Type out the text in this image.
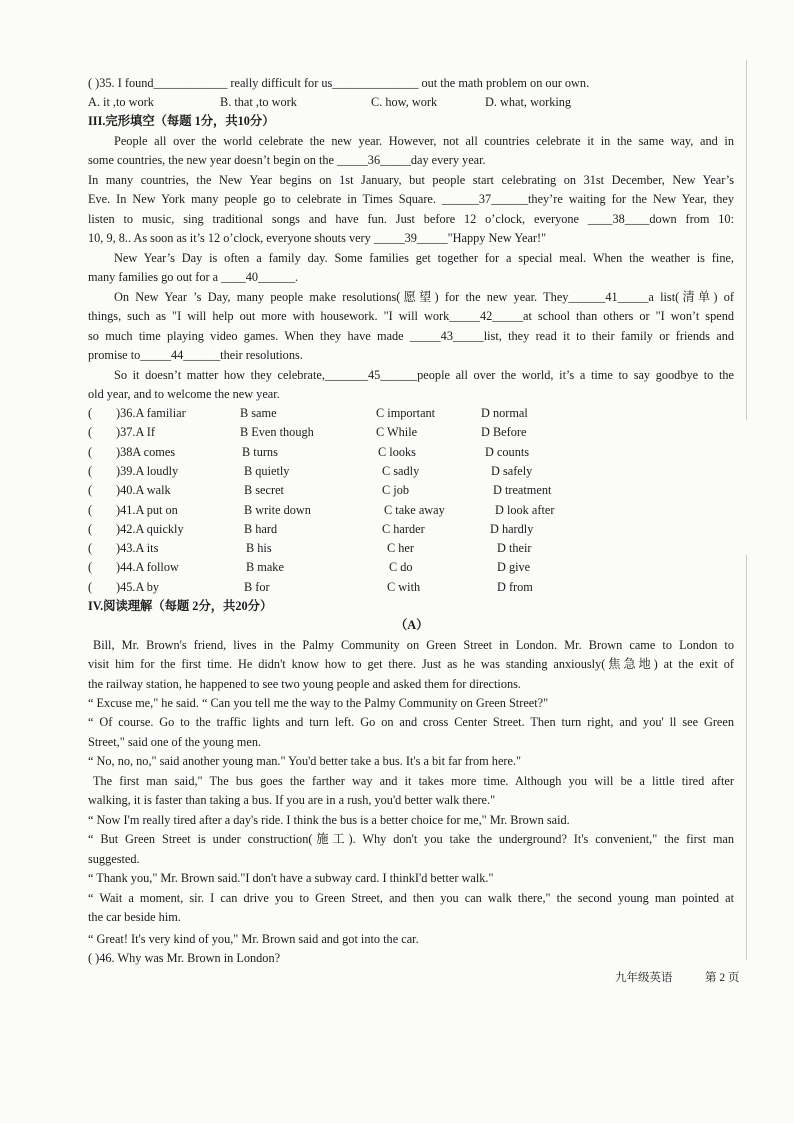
( )35. I found____________ really difficult for us______________ out the math problem on our own.
A. it ,to work	B. that ,to work	C. how, work	D. what, working
III.完形填空（每题 1分，共10分）
People all over the world celebrate the new year. However, not all countries celebrate it in the same way, and in
some countries, the new year doesn’t begin on the _____36_____day every year.
In many countries, the New Year begins on 1st January, but people start celebrating on 31st December, New Year’s
Eve. In New York many people go to celebrate in Times Square. ______37______they’re waiting for the New Year, they
listen to music, sing traditional songs and have fun. Just before 12 o’clock, everyone ____38____down from 10:
10, 9, 8.. As soon as it’s 12 o’clock, everyone shouts very _____39_____"Happy New Year!"
New Year’s Day is often a family day. Some families get together for a special meal. When the weather is fine,
many families go out for a ____40______.
On New Year ’s Day, many people make resolutions(愿望) for the new year. They______41_____a list(清单) of
things, such as "I will help out more with housework. "I will work_____42_____at school than others or "I won’t spend
so much time playing video games. When they have made _____43_____list, they read it to their family or friends and
promise to_____44______their resolutions.
So it doesn’t matter how they celebrate,_______45______people all over the world, it’s a time to say goodbye to the
old year, and to welcome the new year.
( )36.A familiar	B same	C important	D normal
( )37.A If	B Even though	C While	D Before
( )38A comes	B turns	C looks	D counts
( )39.A loudly	B quietly	C sadly	D safely
( )40.A walk	B secret	C job	D treatment
( )41.A put on	B write down	C take away	D look after
( )42.A quickly	B hard	C harder	D hardly
( )43.A its	B his	C her	D their
( )44.A follow	B make	C do	D give
( )45.A by	B for	C with	D from
IV.阅读理解（每题 2分，共20分）
（A）
Bill, Mr. Brown's friend, lives in the Palmy Community on Green Street in London. Mr. Brown came to London to
visit him for the first time. He didn't know how to get there. Just as he was standing anxiously(焦急地) at the exit of
the railway station, he happened to see two young people and asked them for directions.
“ Excuse me," he said. “ Can you tell me the way to the Palmy Community on Green Street?"
“ Of course. Go to the traffic lights and turn left. Go on and cross Center Street. Then turn right, and you' ll see Green
Street," said one of the young men.
“ No, no, no," said another young man." You'd better take a bus. It's a bit far from here."
The first man said," The bus goes the farther way and it takes more time. Although you will be a little tired after
walking, it is faster than taking a bus. If you are in a rush, you'd better walk there."
“ Now I'm really tired after a day's ride. I think the bus is a better choice for me," Mr. Brown said.
“ But Green Street is under construction(施工). Why don't you take the underground? It's convenient," the first man
suggested.
“ Thank you," Mr. Brown said."I don't have a subway card. I thinkI'd better walk."
“ Wait a moment, sir. I can drive you to Green Street, and then you can walk there," the second young man pointed at
the car beside him.
“ Great! It's very kind of you," Mr. Brown said and got into the car.
( )46. Why was Mr. Brown in London?
九年级英语	第 2 页
